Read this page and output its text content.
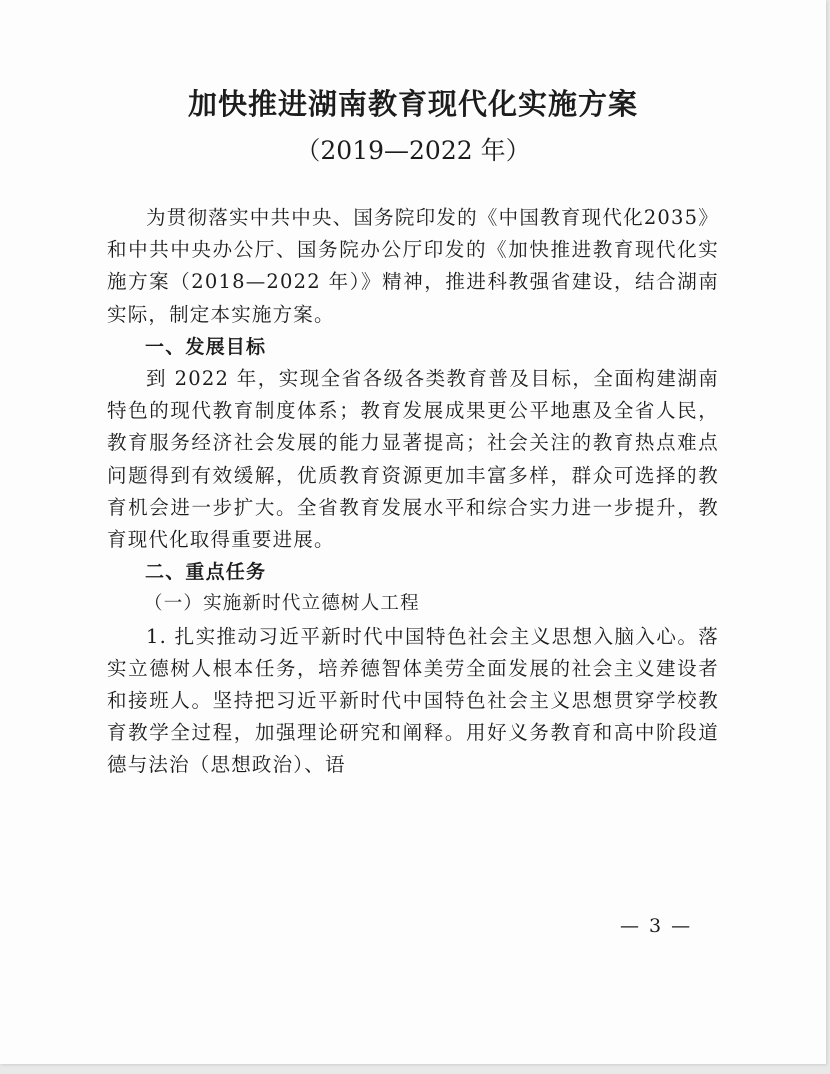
加快推进湖南教育现代化实施方案
（2019—2022 年）

为贯彻落实中共中央、国务院印发的《中国教育现代化2035》和中共中央办公厅、国务院办公厅印发的《加快推进教育现代化实施方案（2018—2022 年）》精神，推进科教强省建设，结合湖南实际，制定本实施方案。

一、发展目标

到 2022 年，实现全省各级各类教育普及目标，全面构建湖南特色的现代教育制度体系；教育发展成果更公平地惠及全省人民，教育服务经济社会发展的能力显著提高；社会关注的教育热点难点问题得到有效缓解，优质教育资源更加丰富多样，群众可选择的教育机会进一步扩大。全省教育发展水平和综合实力进一步提升，教育现代化取得重要进展。

二、重点任务

（一）实施新时代立德树人工程

1. 扎实推动习近平新时代中国特色社会主义思想入脑入心。落实立德树人根本任务，培养德智体美劳全面发展的社会主义建设者和接班人。坚持把习近平新时代中国特色社会主义思想贯穿学校教育教学全过程，加强理论研究和阐释。用好义务教育和高中阶段道德与法治（思想政治）、语

— 3 —
